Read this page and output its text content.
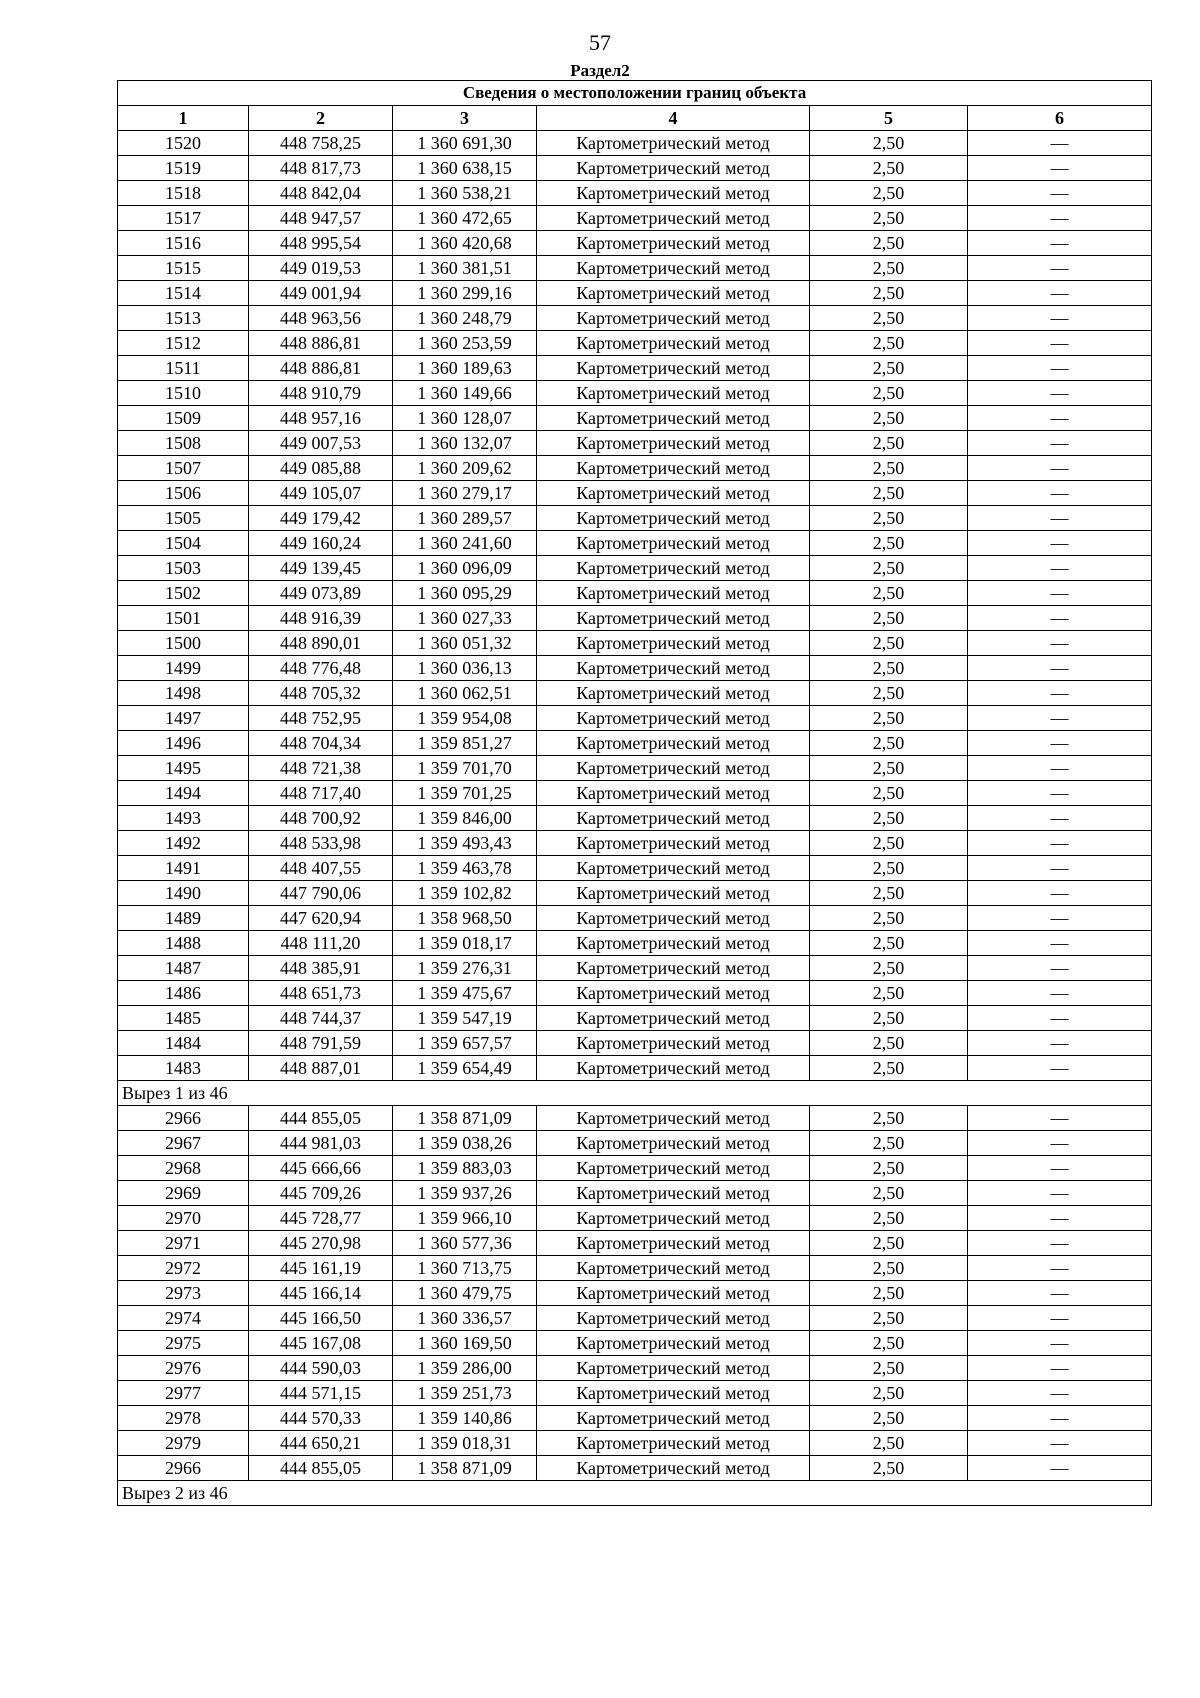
57
Раздел2
Сведения о местоположении границ объекта					
1	2	3	4	5	6
1520	448 758,25	1 360 691,30	Картометрический метод	2,50	—
1519	448 817,73	1 360 638,15	Картометрический метод	2,50	—
1518	448 842,04	1 360 538,21	Картометрический метод	2,50	—
1517	448 947,57	1 360 472,65	Картометрический метод	2,50	—
1516	448 995,54	1 360 420,68	Картометрический метод	2,50	—
1515	449 019,53	1 360 381,51	Картометрический метод	2,50	—
1514	449 001,94	1 360 299,16	Картометрический метод	2,50	—
1513	448 963,56	1 360 248,79	Картометрический метод	2,50	—
1512	448 886,81	1 360 253,59	Картометрический метод	2,50	—
1511	448 886,81	1 360 189,63	Картометрический метод	2,50	—
1510	448 910,79	1 360 149,66	Картометрический метод	2,50	—
1509	448 957,16	1 360 128,07	Картометрический метод	2,50	—
1508	449 007,53	1 360 132,07	Картометрический метод	2,50	—
1507	449 085,88	1 360 209,62	Картометрический метод	2,50	—
1506	449 105,07	1 360 279,17	Картометрический метод	2,50	—
1505	449 179,42	1 360 289,57	Картометрический метод	2,50	—
1504	449 160,24	1 360 241,60	Картометрический метод	2,50	—
1503	449 139,45	1 360 096,09	Картометрический метод	2,50	—
1502	449 073,89	1 360 095,29	Картометрический метод	2,50	—
1501	448 916,39	1 360 027,33	Картометрический метод	2,50	—
1500	448 890,01	1 360 051,32	Картометрический метод	2,50	—
1499	448 776,48	1 360 036,13	Картометрический метод	2,50	—
1498	448 705,32	1 360 062,51	Картометрический метод	2,50	—
1497	448 752,95	1 359 954,08	Картометрический метод	2,50	—
1496	448 704,34	1 359 851,27	Картометрический метод	2,50	—
1495	448 721,38	1 359 701,70	Картометрический метод	2,50	—
1494	448 717,40	1 359 701,25	Картометрический метод	2,50	—
1493	448 700,92	1 359 846,00	Картометрический метод	2,50	—
1492	448 533,98	1 359 493,43	Картометрический метод	2,50	—
1491	448 407,55	1 359 463,78	Картометрический метод	2,50	—
1490	447 790,06	1 359 102,82	Картометрический метод	2,50	—
1489	447 620,94	1 358 968,50	Картометрический метод	2,50	—
1488	448 111,20	1 359 018,17	Картометрический метод	2,50	—
1487	448 385,91	1 359 276,31	Картометрический метод	2,50	—
1486	448 651,73	1 359 475,67	Картометрический метод	2,50	—
1485	448 744,37	1 359 547,19	Картометрический метод	2,50	—
1484	448 791,59	1 359 657,57	Картометрический метод	2,50	—
1483	448 887,01	1 359 654,49	Картометрический метод	2,50	—
Вырез 1 из 46					
2966	444 855,05	1 358 871,09	Картометрический метод	2,50	—
2967	444 981,03	1 359 038,26	Картометрический метод	2,50	—
2968	445 666,66	1 359 883,03	Картометрический метод	2,50	—
2969	445 709,26	1 359 937,26	Картометрический метод	2,50	—
2970	445 728,77	1 359 966,10	Картометрический метод	2,50	—
2971	445 270,98	1 360 577,36	Картометрический метод	2,50	—
2972	445 161,19	1 360 713,75	Картометрический метод	2,50	—
2973	445 166,14	1 360 479,75	Картометрический метод	2,50	—
2974	445 166,50	1 360 336,57	Картометрический метод	2,50	—
2975	445 167,08	1 360 169,50	Картометрический метод	2,50	—
2976	444 590,03	1 359 286,00	Картометрический метод	2,50	—
2977	444 571,15	1 359 251,73	Картометрический метод	2,50	—
2978	444 570,33	1 359 140,86	Картометрический метод	2,50	—
2979	444 650,21	1 359 018,31	Картометрический метод	2,50	—
2966	444 855,05	1 358 871,09	Картометрический метод	2,50	—
Вырез 2 из 46					
